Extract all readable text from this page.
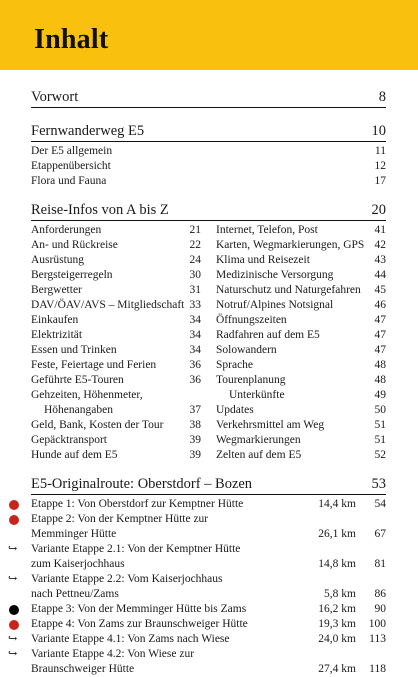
Inhalt
Vorwort	8
Fernwanderweg E5	10
Der E5 allgemein	11
Etappenübersicht	12
Flora und Fauna	17
Reise-Infos von A bis Z	20
Anforderungen	21
An- und Rückreise	22
Ausrüstung	24
Bergsteigerregeln	30
Bergwetter	31
DAV/ÖAV/AVS – Mitgliedschaft 33
Einkaufen	34
Elektrizität	34
Essen und Trinken	34
Feste, Feiertage und Ferien	36
Geführte E5-Touren	36
Gehzeiten, Höhenmeter,
Höhenangaben	37
Geld, Bank, Kosten der Tour	38
Gepäcktransport	39
Hunde auf dem E5	39
Internet, Telefon, Post	41
Karten, Wegmarkierungen, GPS 42
Klima und Reisezeit	43
Medizinische Versorgung	44
Naturschutz und Naturgefahren	45
Notruf/Alpines Notsignal	46
Öffnungszeiten	47
Radfahren auf dem E5	47
Solowandern	47
Sprache	48
Tourenplanung	48
Unterkünfte	49
Updates	50
Verkehrsmittel am Weg	51
Wegmarkierungen	51
Zelten auf dem E5	52
E5-Originalroute: Oberstdorf – Bozen	53
Etappe 1: Von Oberstdorf zur Kemptner Hütte	14,4 km	54
Etappe 2: Von der Kemptner Hütte zur
Memminger Hütte	26,1 km	67
↪ Variante Etappe 2.1: Von der Kemptner Hütte
zum Kaiserjochhaus	14,8 km	81
↪ Variante Etappe 2.2: Vom Kaiserjochhaus
nach Pettneu/Zams	5,8 km	86
Etappe 3: Von der Memminger Hütte bis Zams	16,2 km	90
Etappe 4: Von Zams zur Braunschweiger Hütte	19,3 km	100
↪ Variante Etappe 4.1: Von Zams nach Wiese	24,0 km	113
↪ Variante Etappe 4.2: Von Wiese zur
Braunschweiger Hütte	27,4 km	118
